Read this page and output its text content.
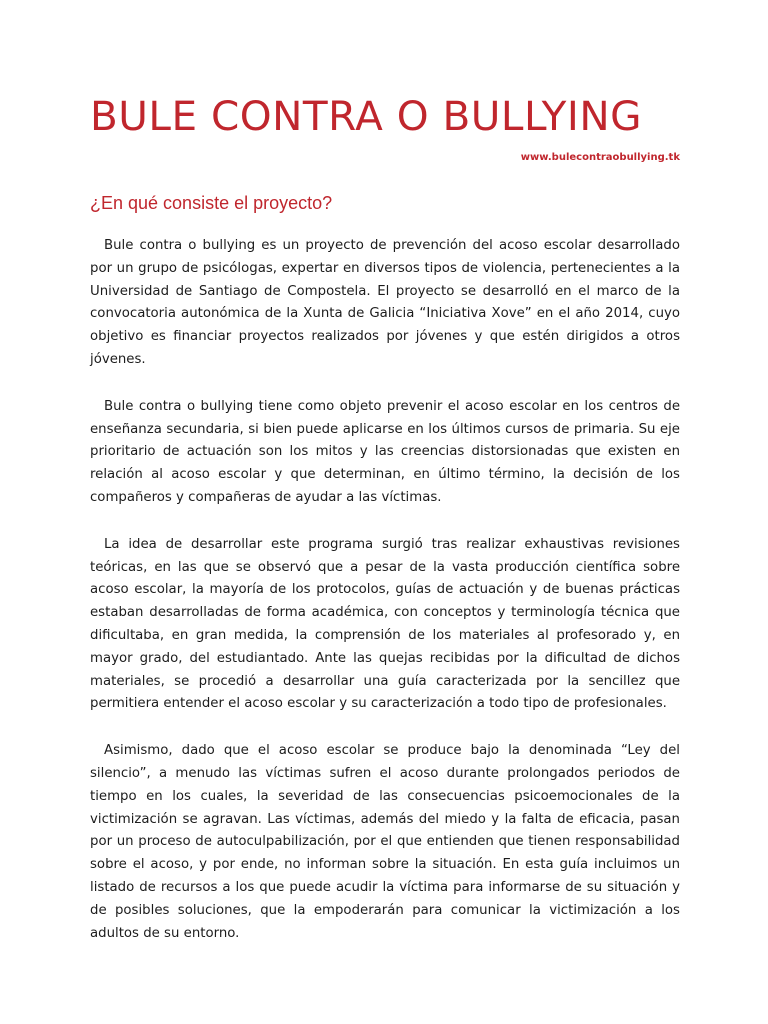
BULE CONTRA O BULLYING
www.bulecontraobullying.tk
¿En qué consiste el proyecto?

Bule contra o bullying es un proyecto de prevención del acoso escolar desarrollado por un grupo de psicólogas, expertar en diversos tipos de violencia, pertenecientes a la Universidad de Santiago de Compostela. El proyecto se desarrolló en el marco de la convocatoria autonómica de la Xunta de Galicia “Iniciativa Xove” en el año 2014, cuyo objetivo es financiar proyectos realizados por jóvenes y que estén dirigidos a otros jóvenes.

Bule contra o bullying tiene como objeto prevenir el acoso escolar en los centros de enseñanza secundaria, si bien puede aplicarse en los últimos cursos de primaria. Su eje prioritario de actuación son los mitos y las creencias distorsionadas que existen en relación al acoso escolar y que determinan, en último término, la decisión de los compañeros y compañeras de ayudar a las víctimas.

La idea de desarrollar este programa surgió tras realizar exhaustivas revisiones teóricas, en las que se observó que a pesar de la vasta producción científica sobre acoso escolar, la mayoría de los protocolos, guías de actuación y de buenas prácticas estaban desarrolladas de forma académica, con conceptos y terminología técnica que dificultaba, en gran medida, la comprensión de los materiales al profesorado y, en mayor grado, del estudiantado. Ante las quejas recibidas por la dificultad de dichos materiales, se procedió a desarrollar una guía caracterizada por la sencillez que permitiera entender el acoso escolar y su caracterización a todo tipo de profesionales.

Asimismo, dado que el acoso escolar se produce bajo la denominada “Ley del silencio”, a menudo las víctimas sufren el acoso durante prolongados periodos de tiempo en los cuales, la severidad de las consecuencias psicoemocionales de la victimización se agravan. Las víctimas, además del miedo y la falta de eficacia, pasan por un proceso de autoculpabilización, por el que entienden que tienen responsabilidad sobre el acoso, y por ende, no informan sobre la situación. En esta guía incluimos un listado de recursos a los que puede acudir la víctima para informarse de su situación y de posibles soluciones, que la empoderarán para comunicar la victimización a los adultos de su entorno.
